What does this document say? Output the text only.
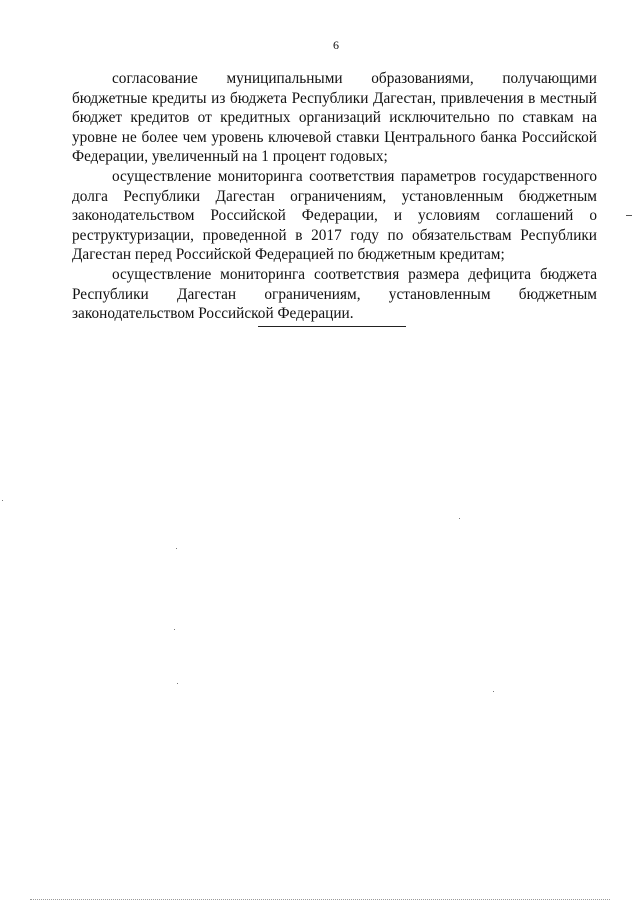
6

согласование муниципальными образованиями, получающими бюджетные кредиты из бюджета Республики Дагестан, привлечения в местный бюджет кредитов от кредитных организаций исключительно по ставкам на уровне не более чем уровень ключевой ставки Центрального банка Российской Федерации, увеличенный на 1 процент годовых;

осуществление мониторинга соответствия параметров государственного долга Республики Дагестан ограничениям, установленным бюджетным законодательством Российской Федерации, и условиям соглашений о реструктуризации, проведенной в 2017 году по обязательствам Республики Дагестан перед Российской Федерацией по бюджетным кредитам;

осуществление мониторинга соответствия размера дефицита бюджета Республики Дагестан ограничениям, установленным бюджетным законодательством Российской Федерации.
